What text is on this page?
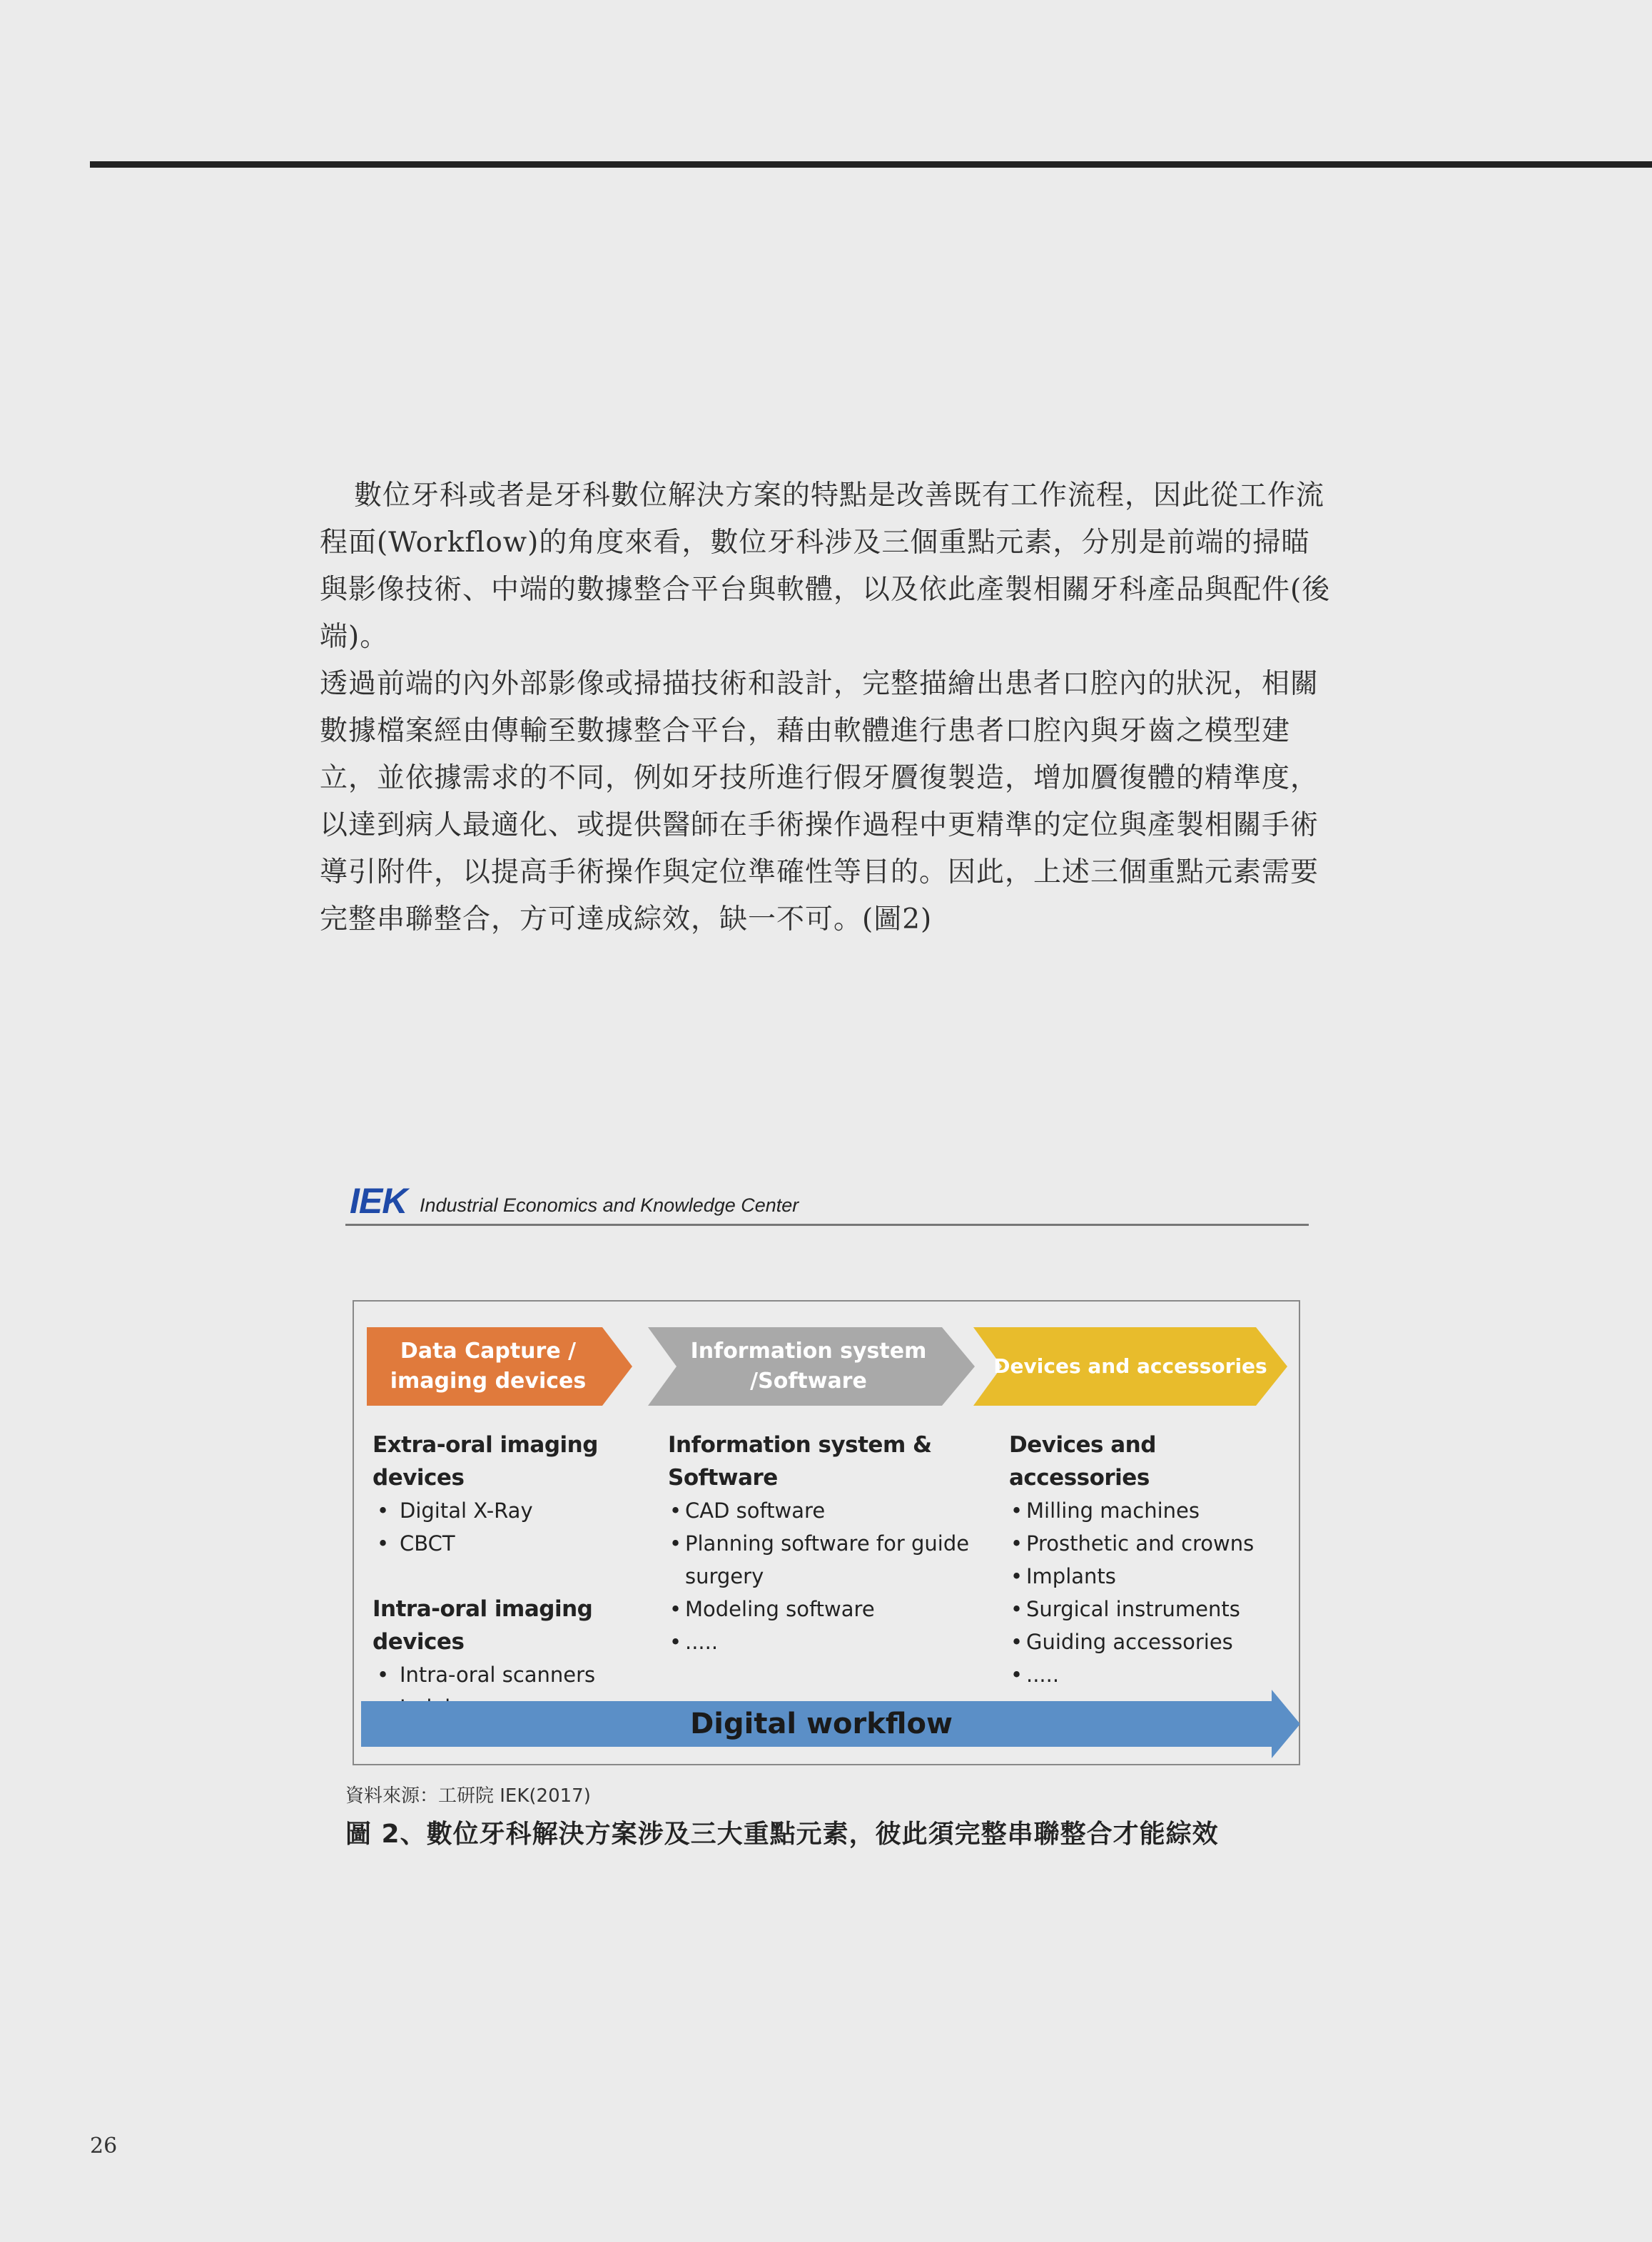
數位牙科或者是牙科數位解決方案的特點是改善既有工作流程，因此從工作流程面(Workflow)的角度來看，數位牙科涉及三個重點元素，分別是前端的掃瞄與影像技術、中端的數據整合平台與軟體，以及依此產製相關牙科產品與配件(後端)。

透過前端的內外部影像或掃描技術和設計，完整描繪出患者口腔內的狀況，相關數據檔案經由傳輸至數據整合平台，藉由軟體進行患者口腔內與牙齒之模型建立，並依據需求的不同，例如牙技所進行假牙贗復製造，增加贗復體的精準度，以達到病人最適化、或提供醫師在手術操作過程中更精準的定位與產製相關手術導引附件，以提高手術操作與定位準確性等目的。因此，上述三個重點元素需要完整串聯整合，方可達成綜效，缺一不可。(圖2)

IEK Industrial Economics and Knowledge Center
Data Capture /
imaging devices
Information system
/Software
Devices and accessories
Extra-oral imaging devices
• Digital X-Ray
• CBCT
Intra-oral imaging devices
• Intra-oral scanners
•
Information system & Software
• CAD software
• Planning software for guide
surgery
• Modeling software
• .....
Devices and accessories
• Milling machines
• Prosthetic and crowns
• Implants
• Surgical instruments
• Guiding accessories
• .....
Digital workflow
資料來源：工研院 IEK(2017)
圖 2、數位牙科解決方案涉及三大重點元素，彼此須完整串聯整合才能綜效
26
